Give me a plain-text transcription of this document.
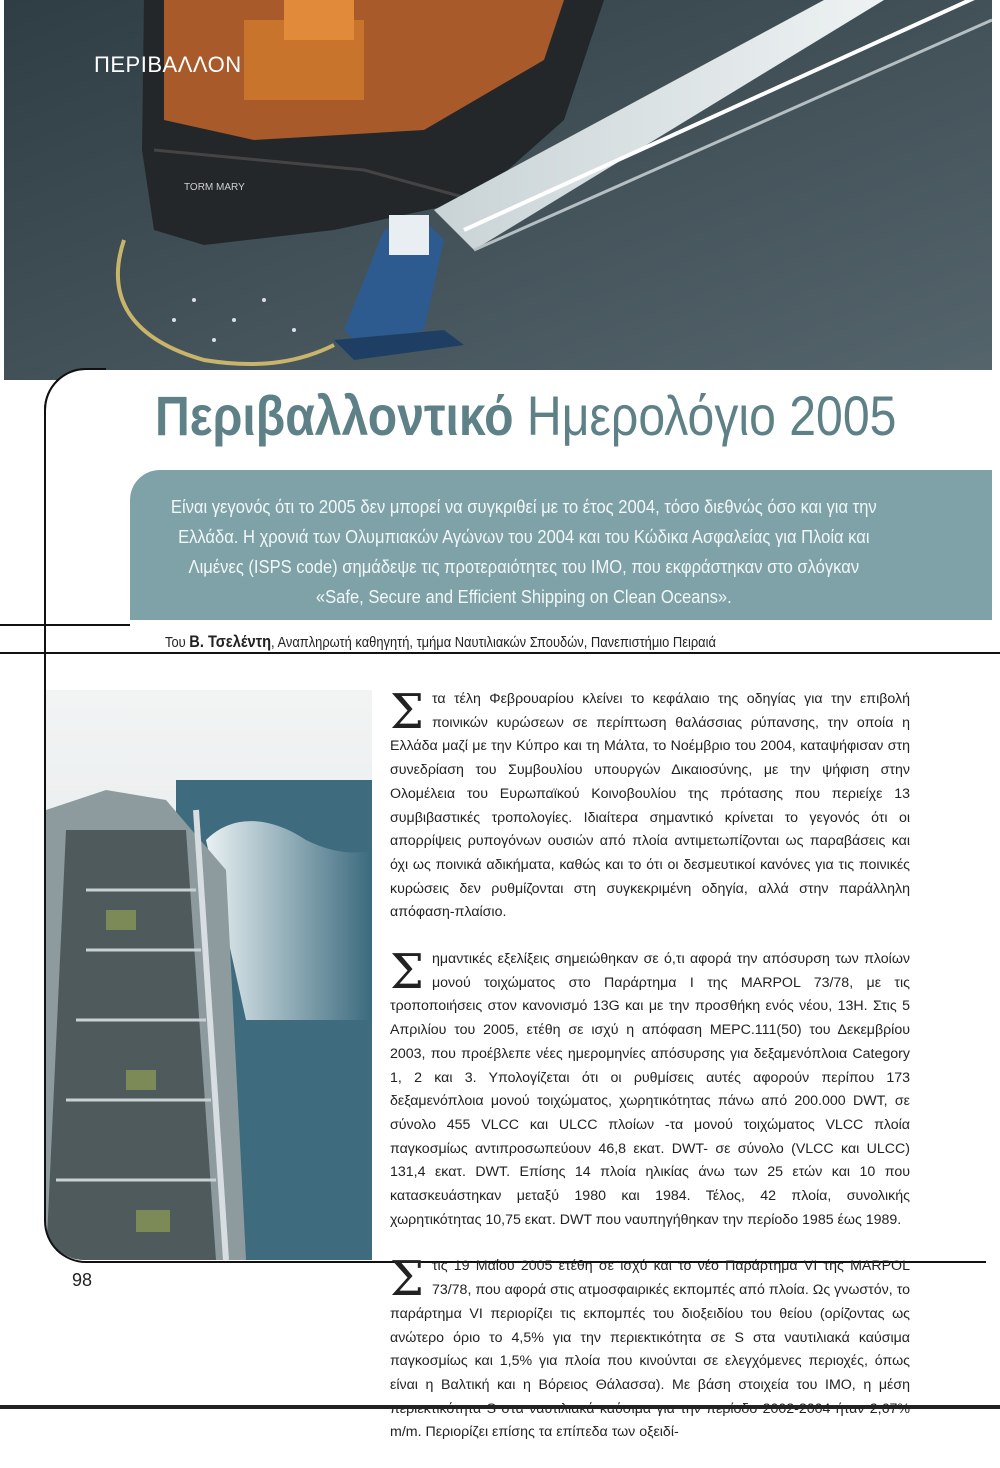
TORM MARY
ΠΕΡΙΒΑΛΛΟΝ
Περιβαλλοντικό Ημερολόγιο 2005
Είναι γεγονός ότι το 2005 δεν μπορεί να συγκριθεί με το έτος 2004, τόσο διεθνώς όσο και για την Ελλάδα. Η χρονιά των Ολυμπιακών Αγώνων του 2004 και του Κώδικα Ασφαλείας για Πλοία και Λιμένες (ISPS code) σημάδεψε τις προτεραιότητες του ΙΜΟ, που εκφράστηκαν στο σλόγκαν «Safe, Secure and Efficient Shipping on Clean Oceans».
Του Β. Τσελέντη, Αναπληρωτή καθηγητή, τμήμα Ναυτιλιακών Σπουδών, Πανεπιστήμιο Πειραιά

Στα τέλη Φεβρουαρίου κλείνει το κεφάλαιο της οδηγίας για την επιβολή ποινικών κυρώσεων σε περίπτωση θαλάσσιας ρύπανσης, την οποία η Ελλάδα μαζί με την Κύπρο και τη Μάλτα, το Νοέμβριο του 2004, καταψήφισαν στη συνεδρίαση του Συμβουλίου υπουργών Δικαιοσύνης, με την ψήφιση στην Ολομέλεια του Ευρωπαϊκού Κοινοβουλίου της πρότασης που περιείχε 13 συμβιβαστικές τροπολογίες. Ιδιαίτερα σημαντικό κρίνεται το γεγονός ότι οι απορρίψεις ρυπογόνων ουσιών από πλοία αντιμετωπίζονται ως παραβάσεις και όχι ως ποινικά αδικήματα, καθώς και το ότι οι δεσμευτικοί κανόνες για τις ποινικές κυρώσεις δεν ρυθμίζονται στη συγκεκριμένη οδηγία, αλλά στην παράλληλη απόφαση-πλαίσιο.

Σημαντικές εξελίξεις σημειώθηκαν σε ό,τι αφορά την απόσυρση των πλοίων μονού τοιχώματος στο Παράρτημα Ι της MARPOL 73/78, με τις τροποποιήσεις στον κανονισμό 13G και με την προσθήκη ενός νέου, 13H. Στις 5 Απριλίου του 2005, ετέθη σε ισχύ η απόφαση MEPC.111(50) του Δεκεμβρίου 2003, που προέβλεπε νέες ημερομηνίες απόσυρσης για δεξαμενόπλοια Category 1, 2 και 3. Υπολογίζεται ότι οι ρυθμίσεις αυτές αφορούν περίπου 173 δεξαμενόπλοια μονού τοιχώματος, χωρητικότητας πάνω από 200.000 DWT, σε σύνολο 455 VLCC και ULCC πλοίων -τα μονού τοιχώματος VLCC πλοία παγκοσμίως αντιπροσωπεύουν 46,8 εκατ. DWT- σε σύνολο (VLCC και ULCC) 131,4 εκατ. DWT. Επίσης 14 πλοία ηλικίας άνω των 25 ετών και 10 που κατασκευάστηκαν μεταξύ 1980 και 1984. Τέλος, 42 πλοία, συνολικής χωρητικότητας 10,75 εκατ. DWT που ναυπηγήθηκαν την περίοδο 1985 έως 1989.

Στις 19 Μαΐου 2005 ετέθη σε ισχύ και το νέο Παράρτημα VI της MARPOL 73/78, που αφορά στις ατμοσφαιρικές εκπομπές από πλοία. Ως γνωστόν, το παράρτημα VI περιορίζει τις εκπομπές του διοξειδίου του θείου (ορίζοντας ως ανώτερο όριο το 4,5% για την περιεκτικότητα σε S στα ναυτιλιακά καύσιμα παγκοσμίως και 1,5% για πλοία που κινούνται σε ελεγχόμενες περιοχές, όπως είναι η Βαλτική και η Βόρειος Θάλασσα). Με βάση στοιχεία του ΙΜΟ, η μέση m/m. Περιορίζει επίσης τα επίπεδα των οξειδί-

98
